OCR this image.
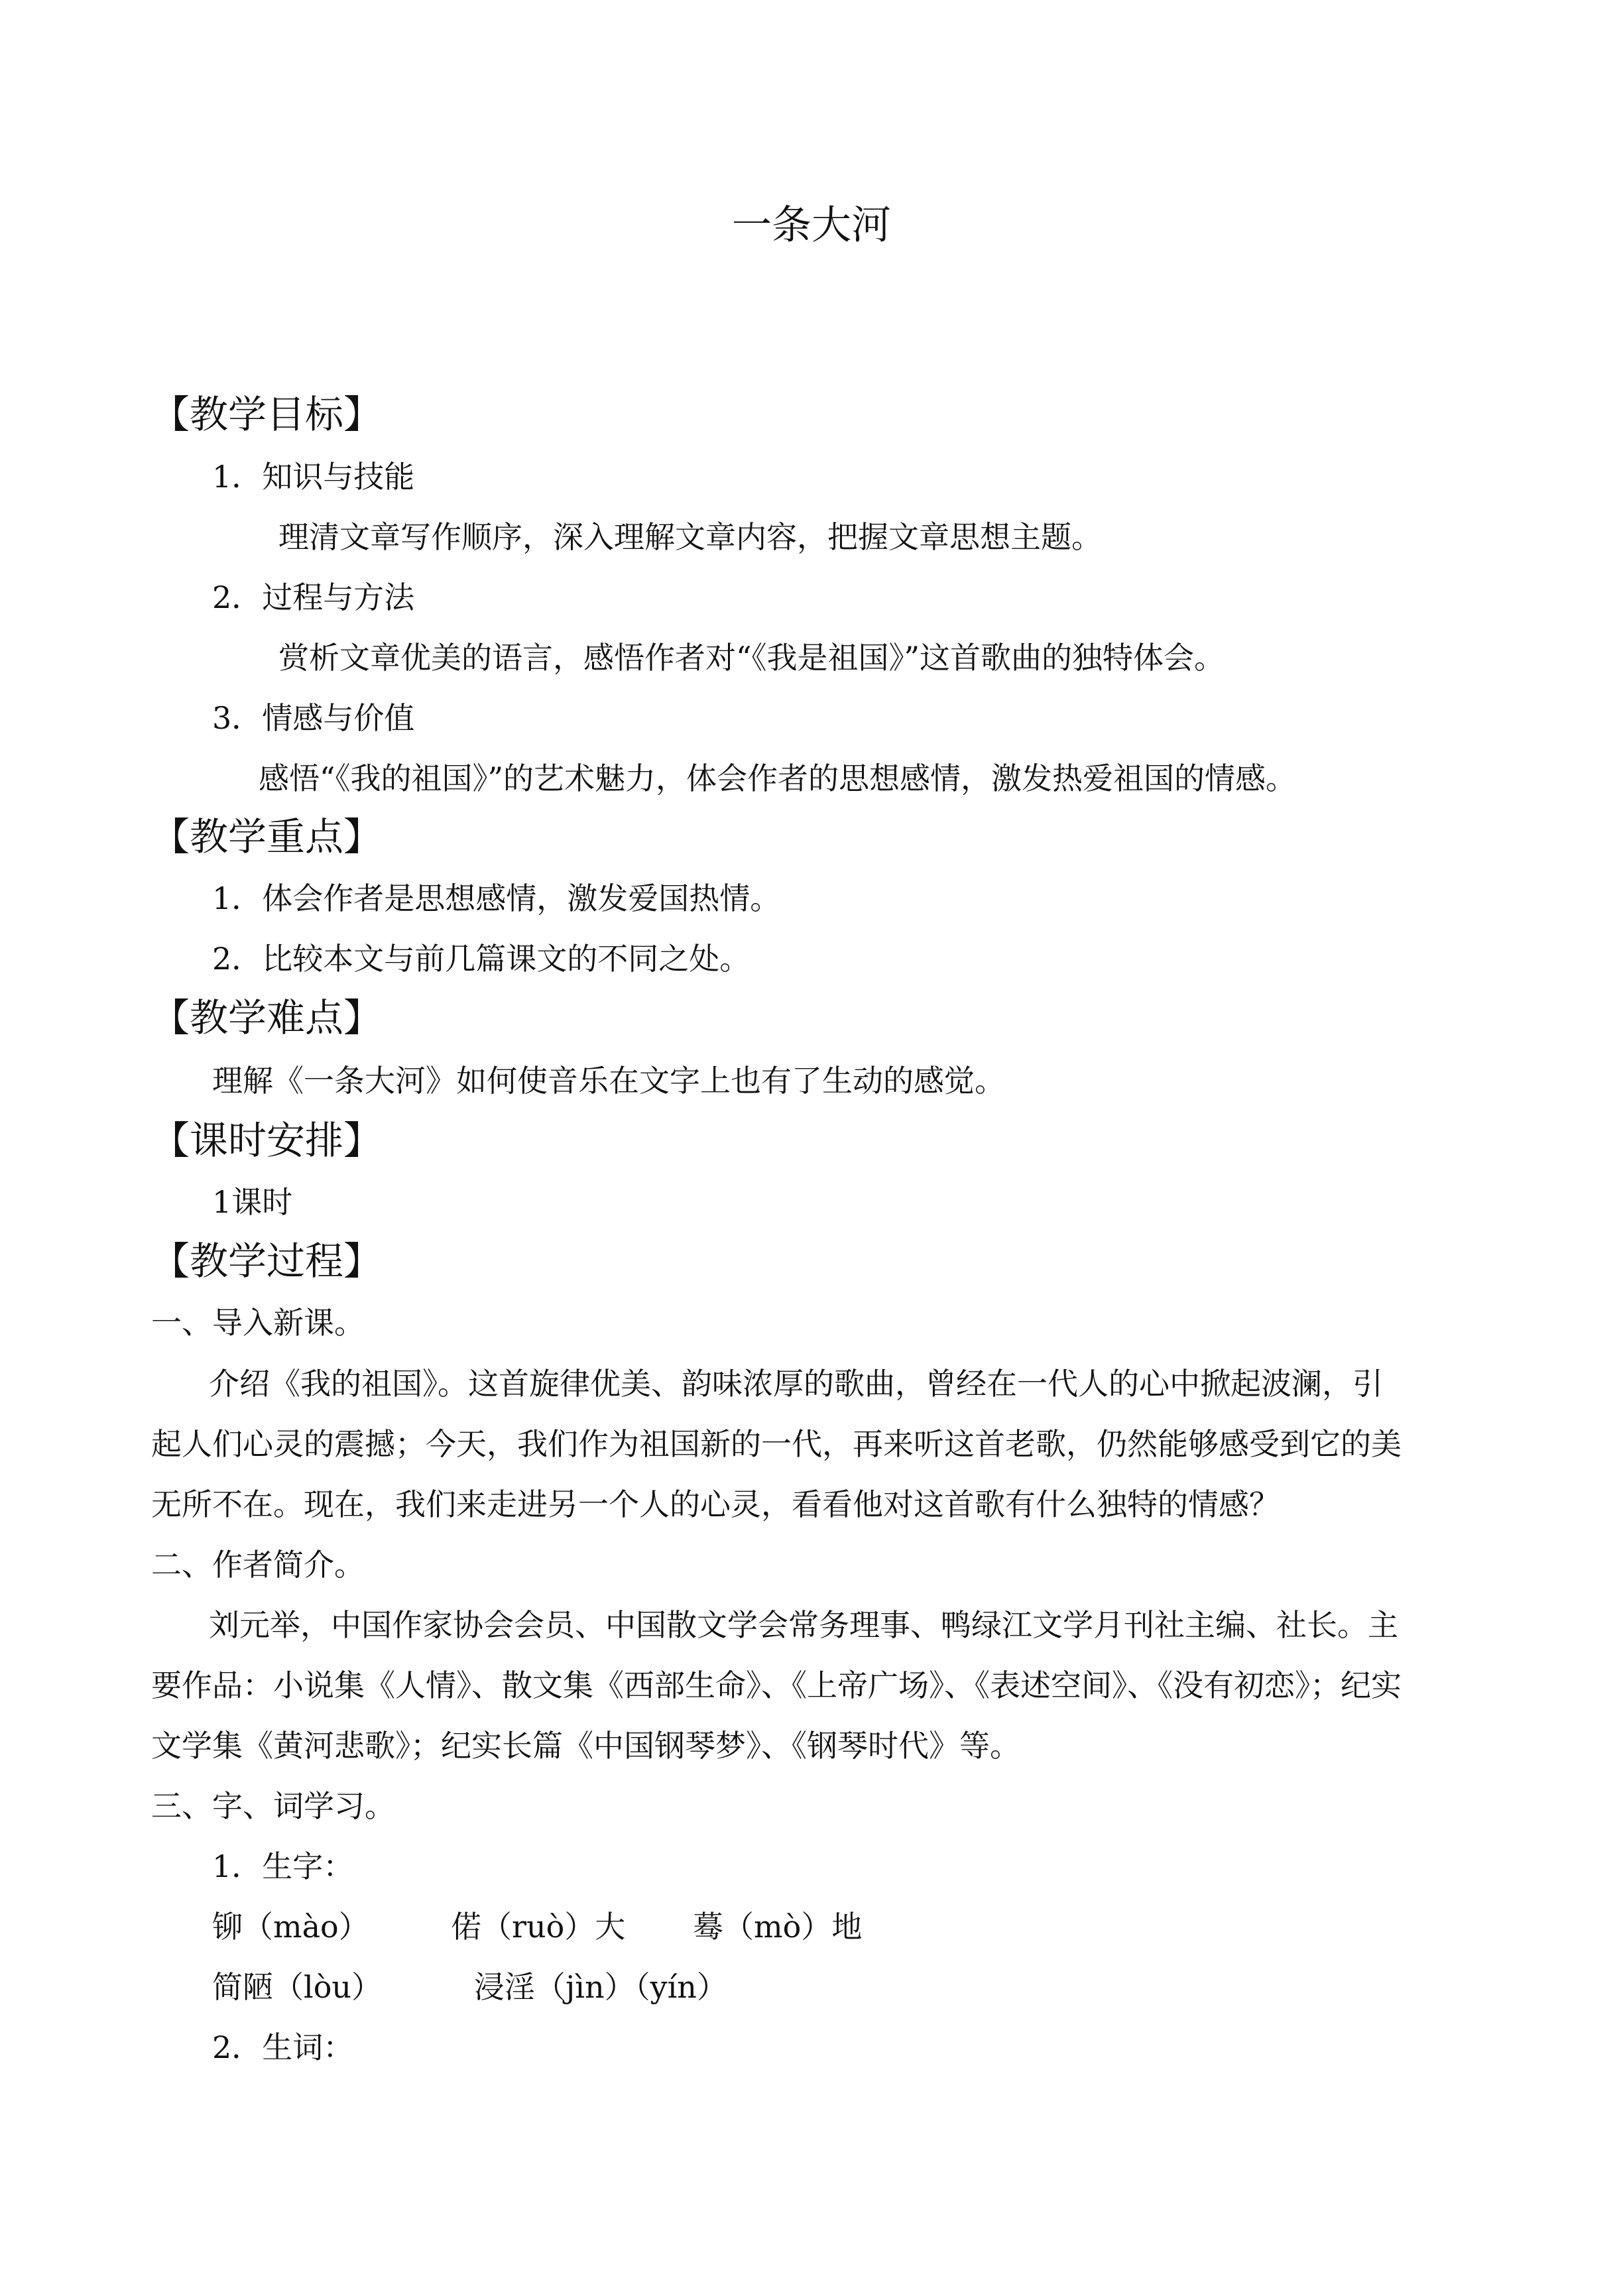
一条大河
【教学目标】
1．知识与技能
理清文章写作顺序，深入理解文章内容，把握文章思想主题。
2．过程与方法
赏析文章优美的语言，感悟作者对“《我是祖国》”这首歌曲的独特体会。
3．情感与价值
感悟“《我的祖国》”的艺术魅力，体会作者的思想感情，激发热爱祖国的情感。
【教学重点】
1．体会作者是思想感情，激发爱国热情。
2．比较本文与前几篇课文的不同之处。
【教学难点】
理解《一条大河》如何使音乐在文字上也有了生动的感觉。
【课时安排】
1课时
【教学过程】
一、导入新课。
介绍《我的祖国》。这首旋律优美、韵味浓厚的歌曲，曾经在一代人的心中掀起波澜，引
起人们心灵的震撼；今天，我们作为祖国新的一代，再来听这首老歌，仍然能够感受到它的美
无所不在。现在，我们来走进另一个人的心灵，看看他对这首歌有什么独特的情感？
二、作者简介。
刘元举，中国作家协会会员、中国散文学会常务理事、鸭绿江文学月刊社主编、社长。主
要作品：小说集《人情》、散文集《西部生命》、《上帝广场》、《表述空间》、《没有初恋》；纪实
文学集《黄河悲歌》；纪实长篇《中国钢琴梦》、《钢琴时代》等。
三、字、词学习。
1．生字：
铆（mào）	偌（ruò）大 蓦（mò）地
简陋（lòu）	浸淫（jìn）（yín）
2．生词：
